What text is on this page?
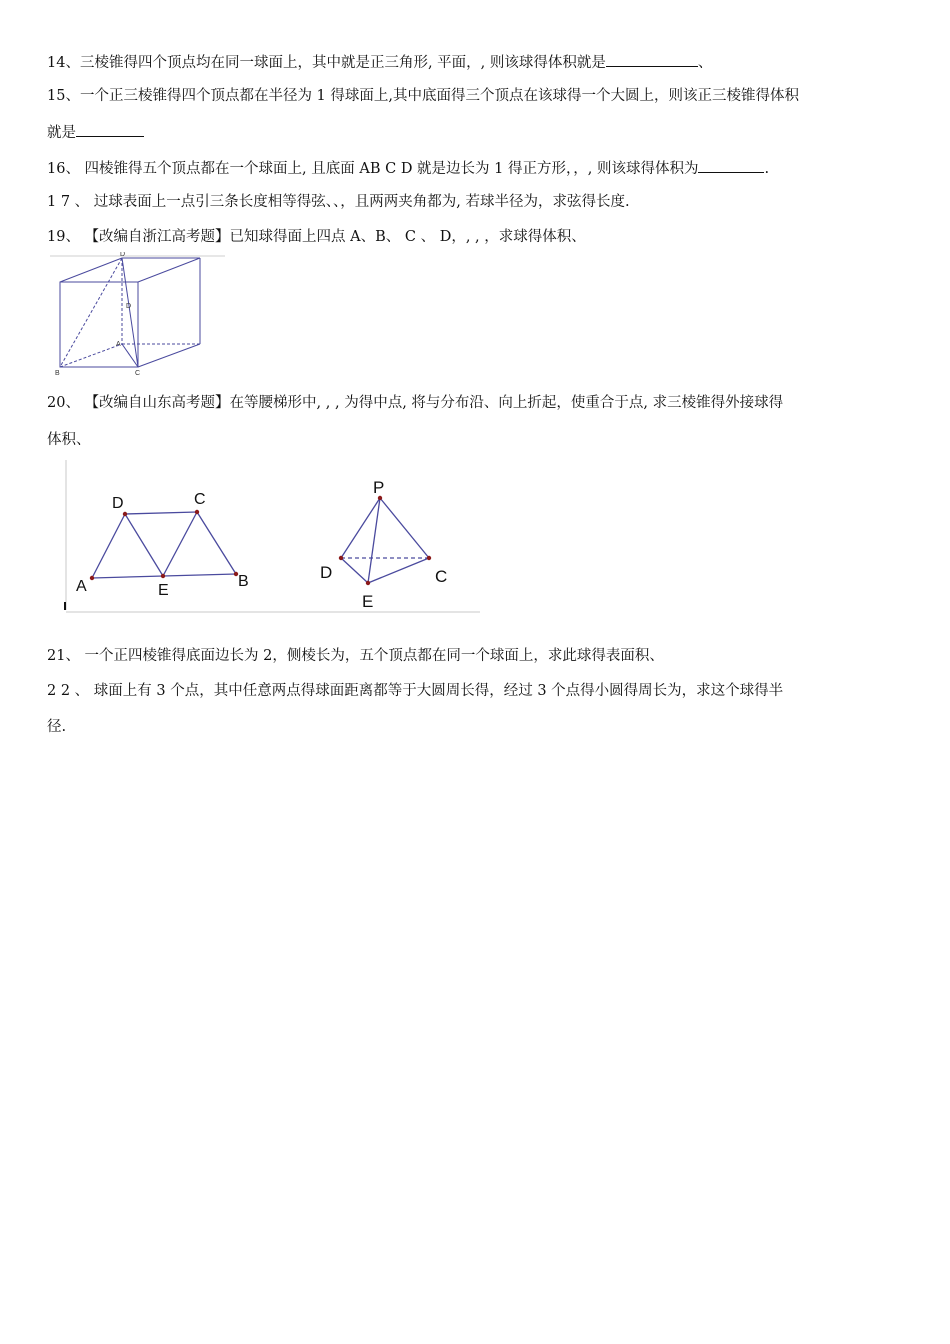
14、三棱锥得四个顶点均在同一球面上，其中就是正三角形, 平面，, 则该球得体积就是	、
15、一个正三棱锥得四个顶点都在半径为 1 得球面上,其中底面得三个顶点在该球得一个大圆上，则该正三棱锥得体积
就是
16、 四棱锥得五个顶点都在一个球面上, 且底面 AB C D 就是边长为 1 得正方形，，, 则该球得体积为	.
1 7 、 过球表面上一点引三条长度相等得弦、、，且两两夹角都为, 若球半径为，求弦得长度.
19、 【改编自浙江高考题】已知球得面上四点 A、B、 C 、 D，, , ，求球得体积、
D
A
B	C
D
20、 【改编自山东高考题】在等腰梯形中, , , 为得中点, 将与分布沿、向上折起，使重合于点, 求三棱锥得外接球得
体积、
D	C
A	E
B
P
D	C
E
21、 一个正四棱锥得底面边长为 2，侧棱长为，五个顶点都在同一个球面上，求此球得表面积、
2 2 、 球面上有 3 个点，其中任意两点得球面距离都等于大圆周长得，经过 3 个点得小圆得周长为，求这个球得半
径.
